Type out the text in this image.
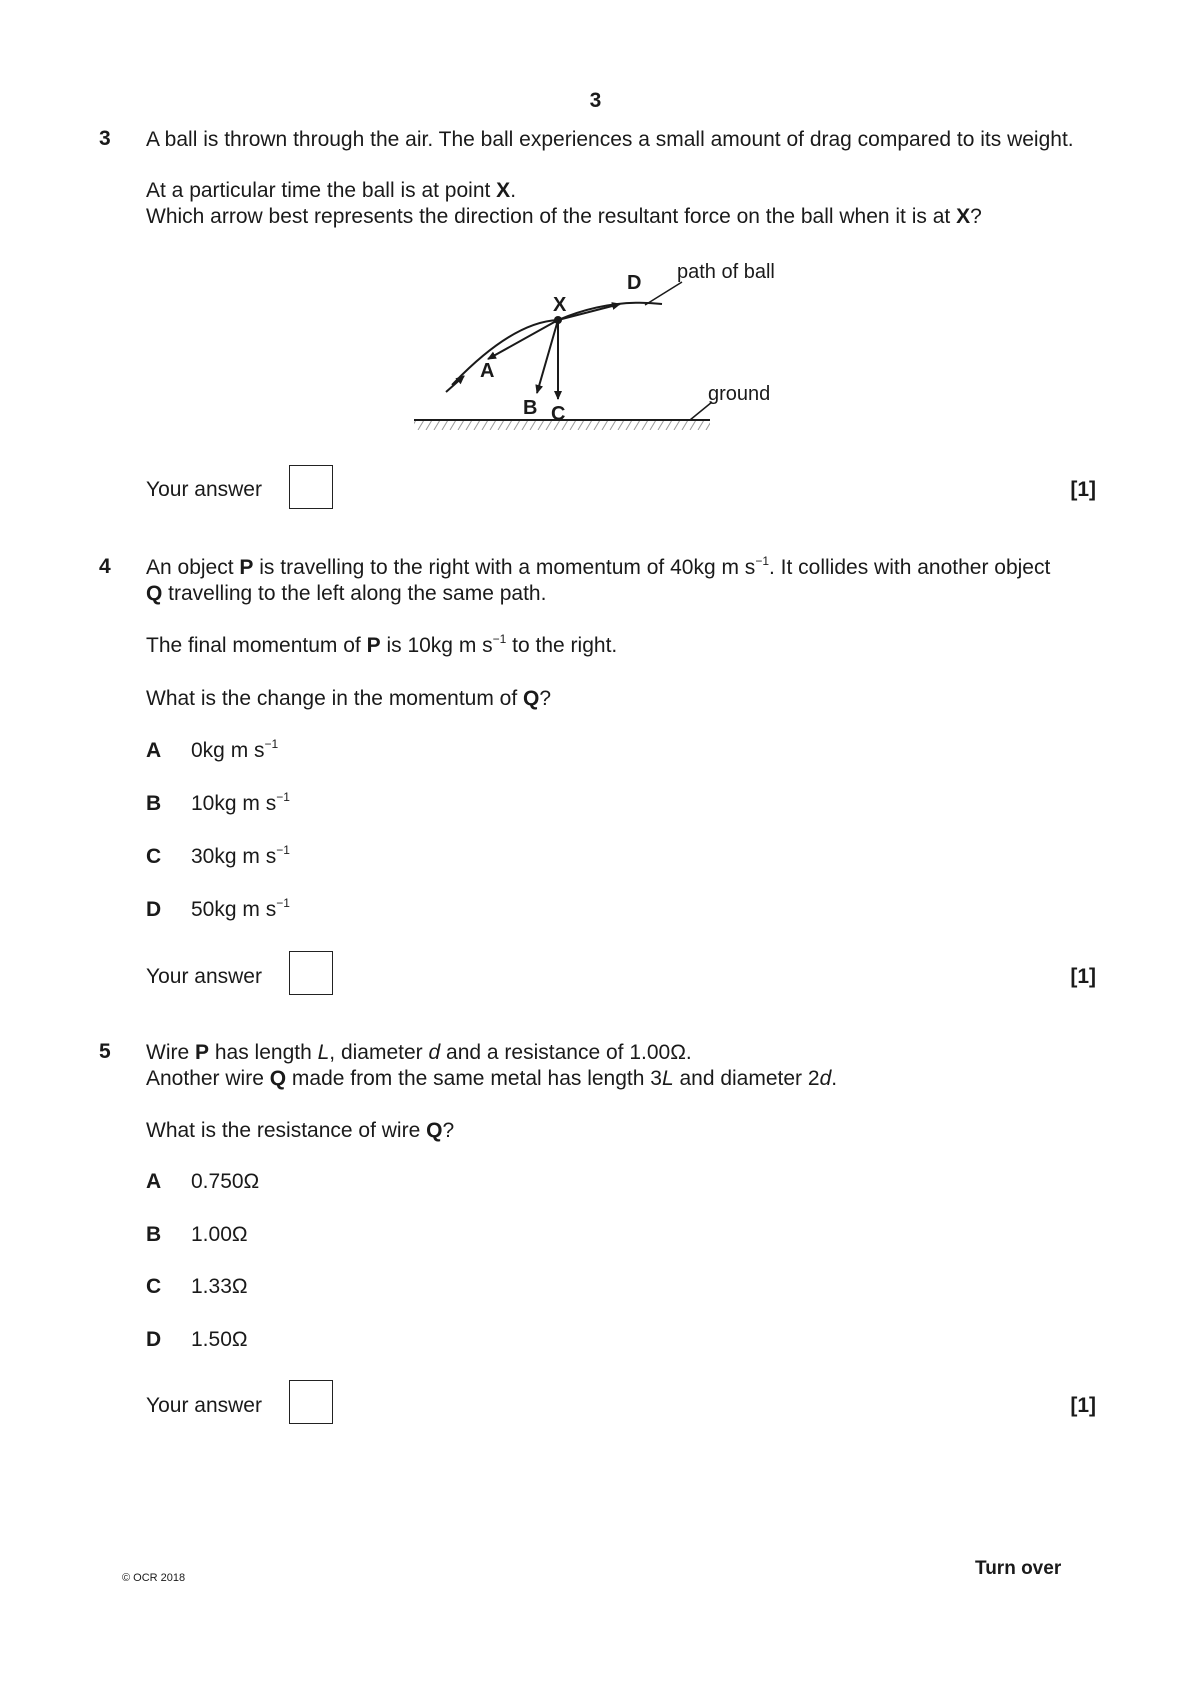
3
3 A ball is thrown through the air. The ball experiences a small amount of drag compared to its weight.
At a particular time the ball is at point X.
Which arrow best represents the direction of the resultant force on the ball when it is at X?
X
A
B C
D path of ball
ground
Your answer	[1]
4 An object P is travelling to the right with a momentum of 40kg m $s^{-1}$. It collides with another object
Q travelling to the left along the same path.
The final momentum of P is 10kg m $s^{-1}$ to the right.
What is the change in the momentum of Q?
A 0kg m $s^{-1}$
B 10kg m $s^{-1}$
C 30kg m $s^{-1}$
D 50kg m $s^{-1}$
Your answer	[1]
5 Wire P has length L, diameter d and a resistance of 1.00Ω.
Another wire Q made from the same metal has length 3L and diameter 2d.
What is the resistance of wire Q?
A 0.750Ω
B 1.00Ω
C 1.33Ω
D 1.50Ω
Your answer	[1]
© OCR 2018	Turn over
